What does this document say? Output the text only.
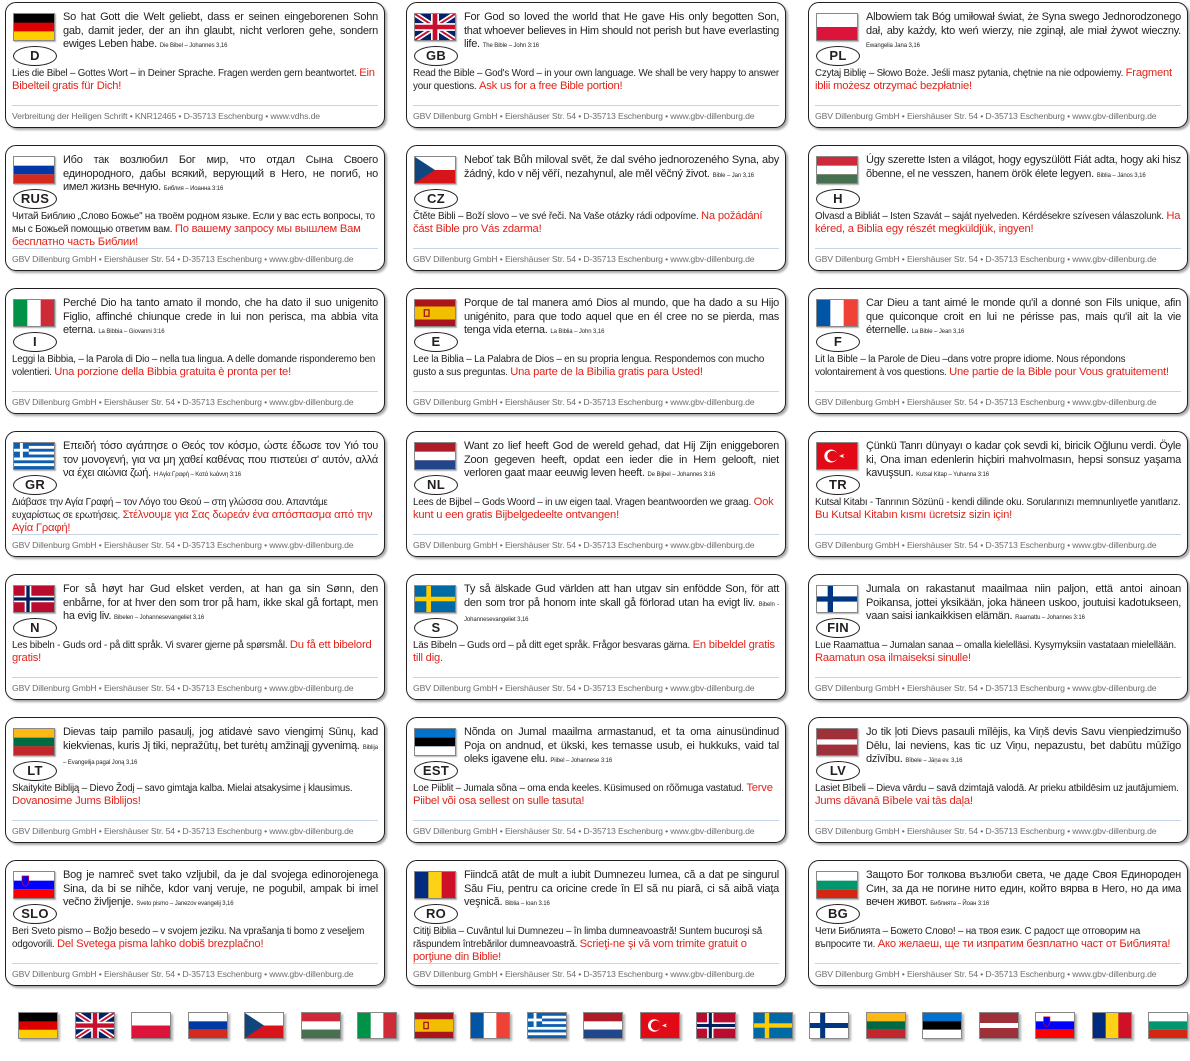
D
So hat Gott die Welt geliebt, dass er seinen eingeborenen Sohn gab, damit jeder, der an ihn glaubt, nicht verloren gehe, sondern ewiges Leben habe. Die Bibel – Johannes 3,16
Lies die Bibel – Gottes Wort – in Deiner Sprache. Fragen werden gern beantwortet. Ein Bibelteil gratis für Dich!
Verbreitung der Heiligen Schrift • KNR12465 • D-35713 Eschenburg • www.vdhs.de
GB
For God so loved the world that He gave His only begotten Son, that whoever believes in Him should not perish but have everlasting life. The Bible – John 3:16
Read the Bible – God's Word – in your own language. We shall be very happy to answer your questions. Ask us for a free Bible portion!
GBV Dillenburg GmbH • Eiershäuser Str. 54 • D-35713 Eschenburg • www.gbv-dillenburg.de
PL
Albowiem tak Bóg umiłował świat, że Syna swego Jednorodzonego dał, aby każdy, kto weń wierzy, nie zginął, ale miał żywot wieczny. Ewangelia Jana 3,16
Czytaj Biblię – Słowo Boże. Jeśli masz pytania, chętnie na nie odpowiemy. Fragment iblii możesz otrzymać bezpłatnie!
GBV Dillenburg GmbH • Eiershäuser Str. 54 • D-35713 Eschenburg • www.gbv-dillenburg.de
RUS
Ибо так возлюбил Бог мир, что отдал Сына Своего единородного, дабы всякий, верующий в Него, не погиб, но имел жизнь вечную. Библия – Иоанна 3:16
Читай Библию „Слово Божье" на твоём родном языке. Если у вас есть вопросы, то мы с Божьей помощью ответим вам. По вашему запросу мы вышлем Вам бесплатно часть Библии!
GBV Dillenburg GmbH • Eiershäuser Str. 54 • D-35713 Eschenburg • www.gbv-dillenburg.de
CZ
Neboť tak Bůh miloval svět, že dal svého jednorozeného Syna, aby žádný, kdo v něj věří, nezahynul, ale měl věčný život. Bible – Jan 3,16
Čtěte Bibli – Boží slovo – ve své řeči. Na Vaše otázky rádi odpovíme. Na požádání část Bible pro Vás zdarma!
GBV Dillenburg GmbH • Eiershäuser Str. 54 • D-35713 Eschenburg • www.gbv-dillenburg.de
H
Úgy szerette Isten a világot, hogy egyszülött Fiát adta, hogy aki hisz õbenne, el ne vesszen, hanem örök élete legyen. Biblia – János 3,16
Olvasd a Bibliát – Isten Szavát – saját nyelveden. Kérdésekre szívesen válaszolunk. Ha kéred, a Biblia egy részét megküldjük, ingyen!
GBV Dillenburg GmbH • Eiershäuser Str. 54 • D-35713 Eschenburg • www.gbv-dillenburg.de
I
Perché Dio ha tanto amato il mondo, che ha dato il suo unigenito Figlio, affinché chiunque crede in lui non perisca, ma abbia vita eterna. La Bibbia – Giovanni 3:16
Leggi la Bibbia, – la Parola di Dio – nella tua lingua. A delle domande risponderemo ben volentieri. Una porzione della Bibbia gratuita è pronta per te!
GBV Dillenburg GmbH • Eiershäuser Str. 54 • D-35713 Eschenburg • www.gbv-dillenburg.de
E
Porque de tal manera amó Dios al mundo, que ha dado a su Hijo unigénito, para que todo aquel que en él cree no se pierda, mas tenga vida eterna. La Biblia – John 3,16
Lee la Biblia – La Palabra de Dios – en su propria lengua. Respondemos con mucho gusto a sus preguntas. Una parte de la Bibilia gratis para Usted!
GBV Dillenburg GmbH • Eiershäuser Str. 54 • D-35713 Eschenburg • www.gbv-dillenburg.de
F
Car Dieu a tant aimé le monde qu'il a donné son Fils unique, afin que quiconque croit en lui ne périsse pas, mais qu'il ait la vie éternelle. La Bible – Jean 3,16
Lit la Bible – la Parole de Dieu –dans votre propre idiome. Nous répondons volontairement à vos questions. Une partie de la Bible pour Vous gratuitement!
GBV Dillenburg GmbH • Eiershäuser Str. 54 • D-35713 Eschenburg • www.gbv-dillenburg.de
GR
Επειδή τόσο αγάπησε ο Θεός τον κόσμο, ώστε έδωσε τον Υιό του τον μονογενή, για να μη χαθεί καθένας που πιστεύει σ' αυτόν, αλλά να έχει αιώνια ζωή. Η Αγία Γραφή – Κατά Ιωάννη 3:16
Διάβασε την Αγία Γραφή – τον Λόγο του Θεού – στη γλώσσα σου. Απαντάμε ευχαρίστως σε ερωτήσεις. Στέλνουμε για Σας δωρεάν ένα απόσπασμα από την Αγία Γραφή!
GBV Dillenburg GmbH • Eiershäuser Str. 54 • D-35713 Eschenburg • www.gbv-dillenburg.de
NL
Want zo lief heeft God de wereld gehad, dat Hij Zijn eniggeboren Zoon gegeven heeft, opdat een ieder die in Hem gelooft, niet verloren gaat maar eeuwig leven heeft. De Bijbel – Johannes 3:16
Lees de Bijbel – Gods Woord – in uw eigen taal. Vragen beantwoorden we graag. Ook kunt u een gratis Bijbelgedeelte ontvangen!
GBV Dillenburg GmbH • Eiershäuser Str. 54 • D-35713 Eschenburg • www.gbv-dillenburg.de
TR
Çünkü Tanrı dünyayı o kadar çok sevdi ki, biricik Oğlunu verdi. Öyle ki, Ona iman edenlerin hiçbiri mahvolmasın, hepsi sonsuz yaşama kavuşsun. Kutsal Kitap – Yuhanna 3:16
Kutsal Kitabı - Tanrının Sözünü - kendi dilinde oku. Sorularınızı memnunlıyetle yanıtlarız. Bu Kutsal Kitabın kısmı ücretsiz sizin için!
GBV Dillenburg GmbH • Eiershäuser Str. 54 • D-35713 Eschenburg • www.gbv-dillenburg.de
N
For så høyt har Gud elsket verden, at han ga sin Sønn, den enbårne, for at hver den som tror på ham, ikke skal gå fortapt, men ha evig liv. Bibelen – Johannesevangeliet 3,16
Les bibeln - Guds ord - på ditt språk. Vi svarer gjerne på spørsmål. Du få ett bibelord gratis!
GBV Dillenburg GmbH • Eiershäuser Str. 54 • D-35713 Eschenburg • www.gbv-dillenburg.de
S
Ty så älskade Gud världen att han utgav sin enfödde Son, för att den som tror på honom inte skall gå förlorad utan ha evigt liv. Bibeln - Johannesevangeliet 3,16
Läs Bibeln – Guds ord – på ditt eget språk. Frågor besvaras gärna. En bibeldel gratis till dig.
GBV Dillenburg GmbH • Eiershäuser Str. 54 • D-35713 Eschenburg • www.gbv-dillenburg.de
FIN
Jumala on rakastanut maailmaa niin paljon, että antoi ainoan Poikansa, jottei yksikään, joka häneen uskoo, joutuisi kadotukseen, vaan saisi iankaikkisen elämän. Raamattu – Johannes 3:16
Lue Raamattua – Jumalan sanaa – omalla kielelläsi. Kysymyksiin vastataan mielellään. Raamatun osa ilmaiseksi sinulle!
GBV Dillenburg GmbH • Eiershäuser Str. 54 • D-35713 Eschenburg • www.gbv-dillenburg.de
LT
Dievas taip pamilo pasaulį, jog atidavė savo viengimį Sūnų, kad kiekvienas, kuris Jį tiki, nepražūtų, bet turėtų amžinąjį gyvenimą. Biblija – Evangelija pagal Joną 3,16
Skaitykite Bibliją – Dievo Žodį – savo gimtąja kalba. Mielai atsakysime į klausimus. Dovanosime Jums Biblijos!
GBV Dillenburg GmbH • Eiershäuser Str. 54 • D-35713 Eschenburg • www.gbv-dillenburg.de
EST
Nõnda on Jumal maailma armastanud, et ta oma ainusündinud Poja on andnud, et ükski, kes temasse usub, ei hukkuks, vaid tal oleks igavene elu. Piibel – Johannese 3:16
Loe Piiblit – Jumala sõna – oma enda keeles. Küsimused on rõõmuga vastatud. Terve Piibel või osa sellest on sulle tasuta!
GBV Dillenburg GmbH • Eiershäuser Str. 54 • D-35713 Eschenburg • www.gbv-dillenburg.de
LV
Jo tik ļoti Dievs pasauli mīlējis, ka Viņš devis Savu vienpiedzimušo Dēlu, lai neviens, kas tic uz Viņu, nepazustu, bet dabūtu mūžīgo dzīvību. Bībele – Jāņa ev. 3,16
Lasiet Bībeli – Dieva vārdu – savā dzimtajā valodā. Ar prieku atbildēsim uz jautājumiem. Jums dāvanā Bībele vai tās daļa!
GBV Dillenburg GmbH • Eiershäuser Str. 54 • D-35713 Eschenburg • www.gbv-dillenburg.de
SLO
Bog je namreč svet tako vzljubil, da je dal svojega edinorojenega Sina, da bi se nihče, kdor vanj veruje, ne pogubil, ampak bi imel večno življenje. Sveto pismo – Janezov evangelij 3,16
Beri Sveto pismo – Božjo besedo – v svojem jeziku. Na vprašanja ti bomo z veseljem odgovorili. Del Svetega pisma lahko dobiš brezplačno!
GBV Dillenburg GmbH • Eiershäuser Str. 54 • D-35713 Eschenburg • www.gbv-dillenburg.de
RO
Fiindcă atât de mult a iubit Dumnezeu lumea, că a dat pe singurul Său Fiu, pentru ca oricine crede în El să nu piară, ci să aibă viaţa veşnică. Biblia – Ioan 3.16
Citiţi Biblia – Cuvântul lui Dumnezeu – în limba dumneavoastră! Suntem bucuroşi să răspundem întrebărilor dumneavoastră. Scrieţi-ne şi vă vom trimite gratuit o porţiune din Biblie!
GBV Dillenburg GmbH • Eiershäuser Str. 54 • D-35713 Eschenburg • www.gbv-dillenburg.de
BG
Защото Бог толкова възлюби света, че даде Своя Единороден Син, за да не погине нито един, който вярва в Него, но да има вечен живот. Библията – Йоан 3:16
Чети Библията – Божето Слово! – на твоя език. С радост ще отговорим на въпросите ти. Ако желаеш, ще ти изпратим безплатно част от Библията!
GBV Dillenburg GmbH • Eiershäuser Str. 54 • D-35713 Eschenburg • www.gbv-dillenburg.de
